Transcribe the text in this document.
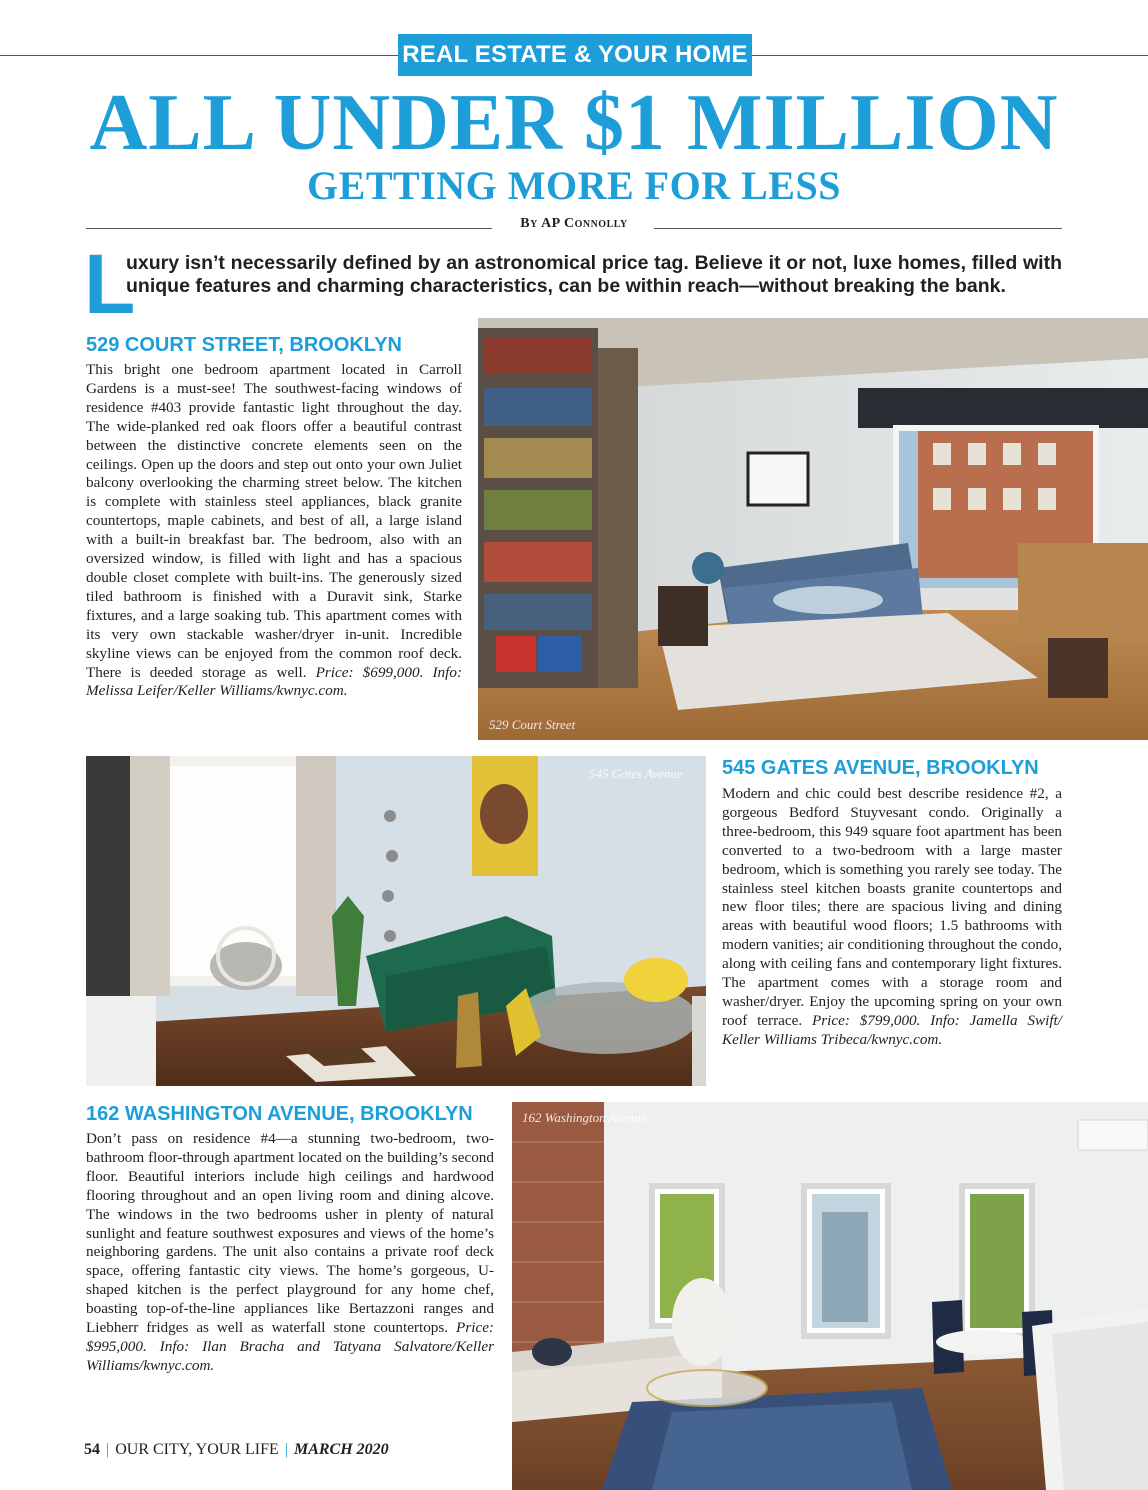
REAL ESTATE & YOUR HOME
ALL UNDER $1 MILLION
GETTING MORE FOR LESS
By AP Connolly
L

uxury isn’t necessarily defined by an astronomical price tag. Believe it or not, luxe homes, filled with unique features and charming characteristics, can be within reach—without breaking the bank.

529 COURT STREET, BROOKLYN

This bright one bedroom apartment located in Carroll Gardens is a must-see! The southwest-facing windows of residence #403 provide fantastic light throughout the day. The wide-planked red oak floors offer a beautiful contrast between the distinctive concrete elements seen on the ceilings. Open up the doors and step out onto your own Juliet balcony overlooking the charming street below. The kitchen is complete with stainless steel appliances, black granite countertops, maple cabinets, and best of all, a large island with a built-in breakfast bar. The bedroom, also with an oversized window, is filled with light and has a spacious double closet complete with built-ins. The generously sized tiled bathroom is finished with a Duravit sink, Starke fixtures, and a large soaking tub. This apartment comes with its very own stackable washer/dryer in-unit. Incredible skyline views can be enjoyed from the common roof deck. There is deeded storage as well. Price: $699,000. Info: Melissa Leifer/Keller Williams/kwnyc.com.

529 Court Street
545 Gates Avenue 545 GATES AVENUE, BROOKLYN

Modern and chic could best describe residence #2, a gorgeous Bedford Stuyvesant condo. Originally a three-bedroom, this 949 square foot apartment has been converted to a two-bedroom with a large master bedroom, which is something you rarely see today. The stainless steel kitchen boasts granite countertops and new floor tiles; there are spacious living and dining areas with beautiful wood floors; 1.5 bathrooms with modern vanities; air conditioning throughout the condo, along with ceiling fans and contemporary light fixtures. The apartment comes with a storage room and washer/dryer. Enjoy the upcoming spring on your own roof terrace. Price: $799,000. Info: Jamella Swift/ Keller Williams Tribeca/kwnyc.com.

162 WASHINGTON AVENUE, BROOKLYN

Don’t pass on residence #4—a stunning two-bedroom, two-bathroom floor-through apartment located on the building’s second floor. Beautiful interiors include high ceilings and hardwood flooring throughout and an open living room and dining alcove. The windows in the two bedrooms usher in plenty of natural sunlight and feature southwest exposures and views of the home’s neighboring gardens. The unit also contains a private roof deck space, offering fantastic city views. The home’s gorgeous, U-shaped kitchen is the perfect playground for any home chef, boasting top-of-the-line appliances like Bertazzoni ranges and Liebherr fridges as well as waterfall stone countertops. Price: $995,000. Info: Ilan Bracha and Tatyana Salvatore/Keller Williams/kwnyc.com.

162 Washington Avenue
54 | OUR CITY, YOUR LIFE | MARCH 2020
